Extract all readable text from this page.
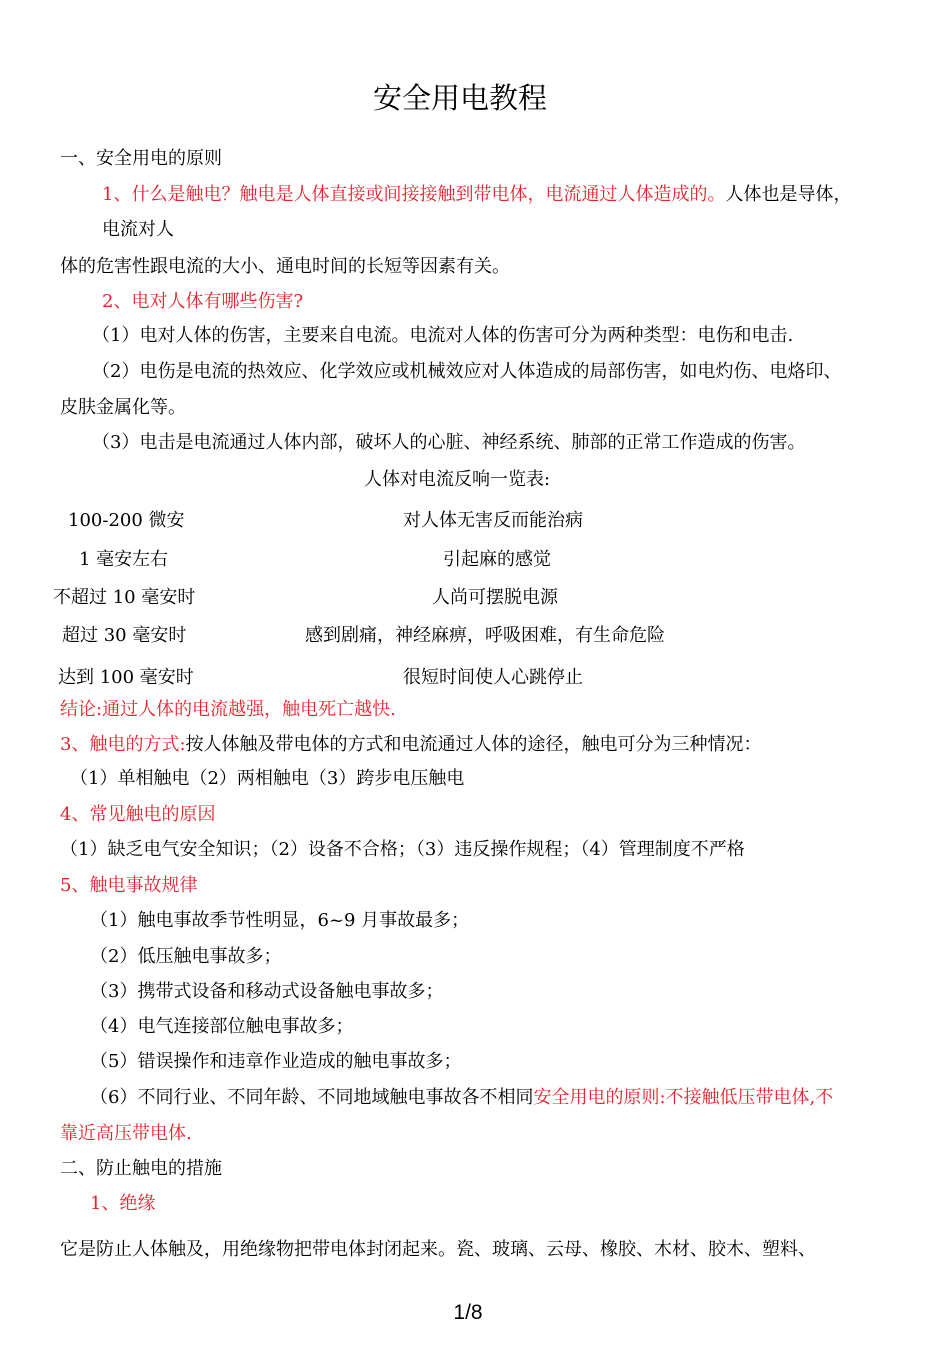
安全用电教程
一、安全用电的原则
1、什么是触电？触电是人体直接或间接接触到带电体，电流通过人体造成的。人体也是导体，
电流对人
体的危害性跟电流的大小、通电时间的长短等因素有关。
2、电对人体有哪些伤害?
（1）电对人体的伤害，主要来自电流。电流对人体的伤害可分为两种类型：电伤和电击.
（2）电伤是电流的热效应、化学效应或机械效应对人体造成的局部伤害，如电灼伤、电烙印、
皮肤金属化等。
（3）电击是电流通过人体内部，破坏人的心脏、神经系统、肺部的正常工作造成的伤害。
人体对电流反响一览表:
100-200 微安	对人体无害反而能治病
1 毫安左右	引起麻的感觉
不超过 10 毫安时	人尚可摆脱电源
超过 30 毫安时	感到剧痛，神经麻痹，呼吸困难，有生命危险
达到 100 毫安时	很短时间使人心跳停止
结论:通过人体的电流越强，触电死亡越快.
3、触电的方式:按人体触及带电体的方式和电流通过人体的途径，触电可分为三种情况：
（1）单相触电（2）两相触电（3）跨步电压触电
4、常见触电的原因
（1）缺乏电气安全知识；（2）设备不合格；（3）违反操作规程；（4）管理制度不严格
5、触电事故规律
（1）触电事故季节性明显，6~9 月事故最多；
（2）低压触电事故多；
（3）携带式设备和移动式设备触电事故多；
（4）电气连接部位触电事故多；
（5）错误操作和违章作业造成的触电事故多；
（6）不同行业、不同年龄、不同地域触电事故各不相同安全用电的原则:不接触低压带电体,不
靠近高压带电体.
二、防止触电的措施
1、绝缘
它是防止人体触及，用绝缘物把带电体封闭起来。瓷、玻璃、云母、橡胶、木材、胶木、塑料、
1/8
